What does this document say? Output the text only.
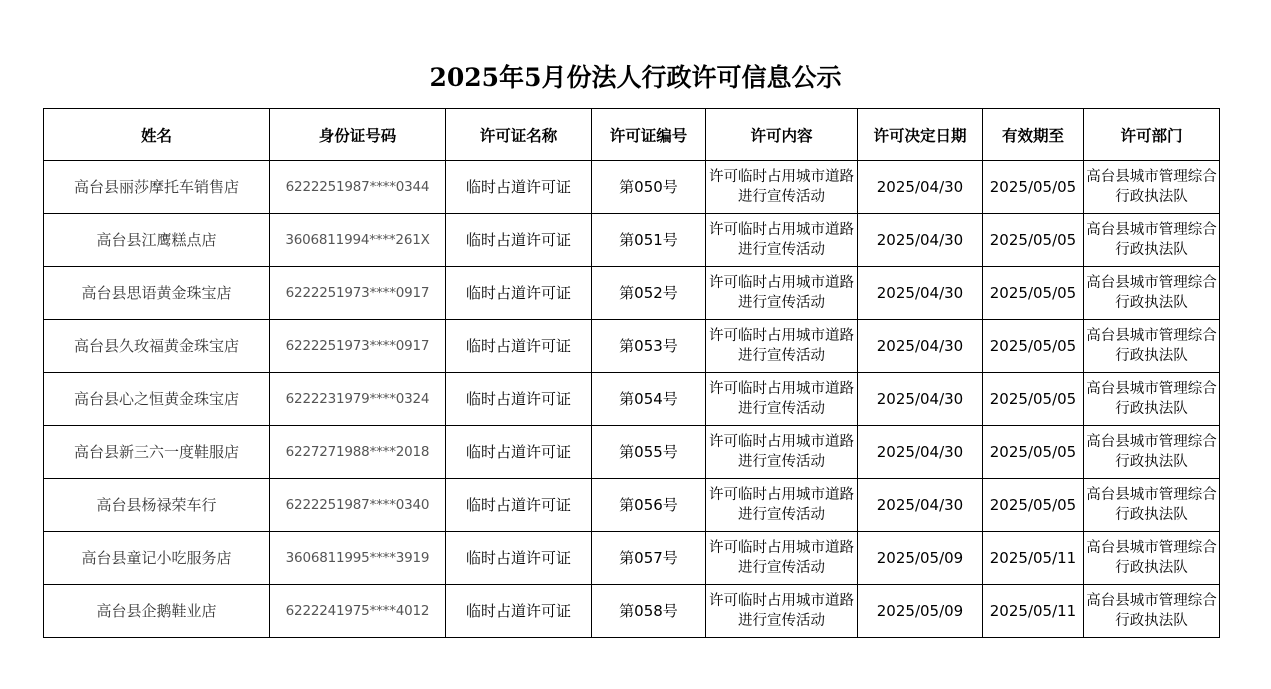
2025年5月份法人行政许可信息公示
姓名	身份证号码	许可证名称	许可证编号	许可内容	许可决定日期	有效期至	许可部门
高台县丽莎摩托车销售店	6222251987****0344	临时占道许可证	第050号	许可临时占用城市道路进行宣传活动	2025/04/30	2025/05/05	高台县城市管理综合行政执法队
高台县江鹰糕点店	3606811994****261X	临时占道许可证	第051号	许可临时占用城市道路进行宣传活动	2025/04/30	2025/05/05	高台县城市管理综合行政执法队
高台县思语黄金珠宝店	6222251973****0917	临时占道许可证	第052号	许可临时占用城市道路进行宣传活动	2025/04/30	2025/05/05	高台县城市管理综合行政执法队
高台县久玫福黄金珠宝店	6222251973****0917	临时占道许可证	第053号	许可临时占用城市道路进行宣传活动	2025/04/30	2025/05/05	高台县城市管理综合行政执法队
高台县心之恒黄金珠宝店	6222231979****0324	临时占道许可证	第054号	许可临时占用城市道路进行宣传活动	2025/04/30	2025/05/05	高台县城市管理综合行政执法队
高台县新三六一度鞋服店	6227271988****2018	临时占道许可证	第055号	许可临时占用城市道路进行宣传活动	2025/04/30	2025/05/05	高台县城市管理综合行政执法队
高台县杨禄荣车行	6222251987****0340	临时占道许可证	第056号	许可临时占用城市道路进行宣传活动	2025/04/30	2025/05/05	高台县城市管理综合行政执法队
高台县童记小吃服务店	3606811995****3919	临时占道许可证	第057号	许可临时占用城市道路进行宣传活动	2025/05/09	2025/05/11	高台县城市管理综合行政执法队
高台县企鹅鞋业店	6222241975****4012	临时占道许可证	第058号	许可临时占用城市道路进行宣传活动	2025/05/09	2025/05/11	高台县城市管理综合行政执法队
